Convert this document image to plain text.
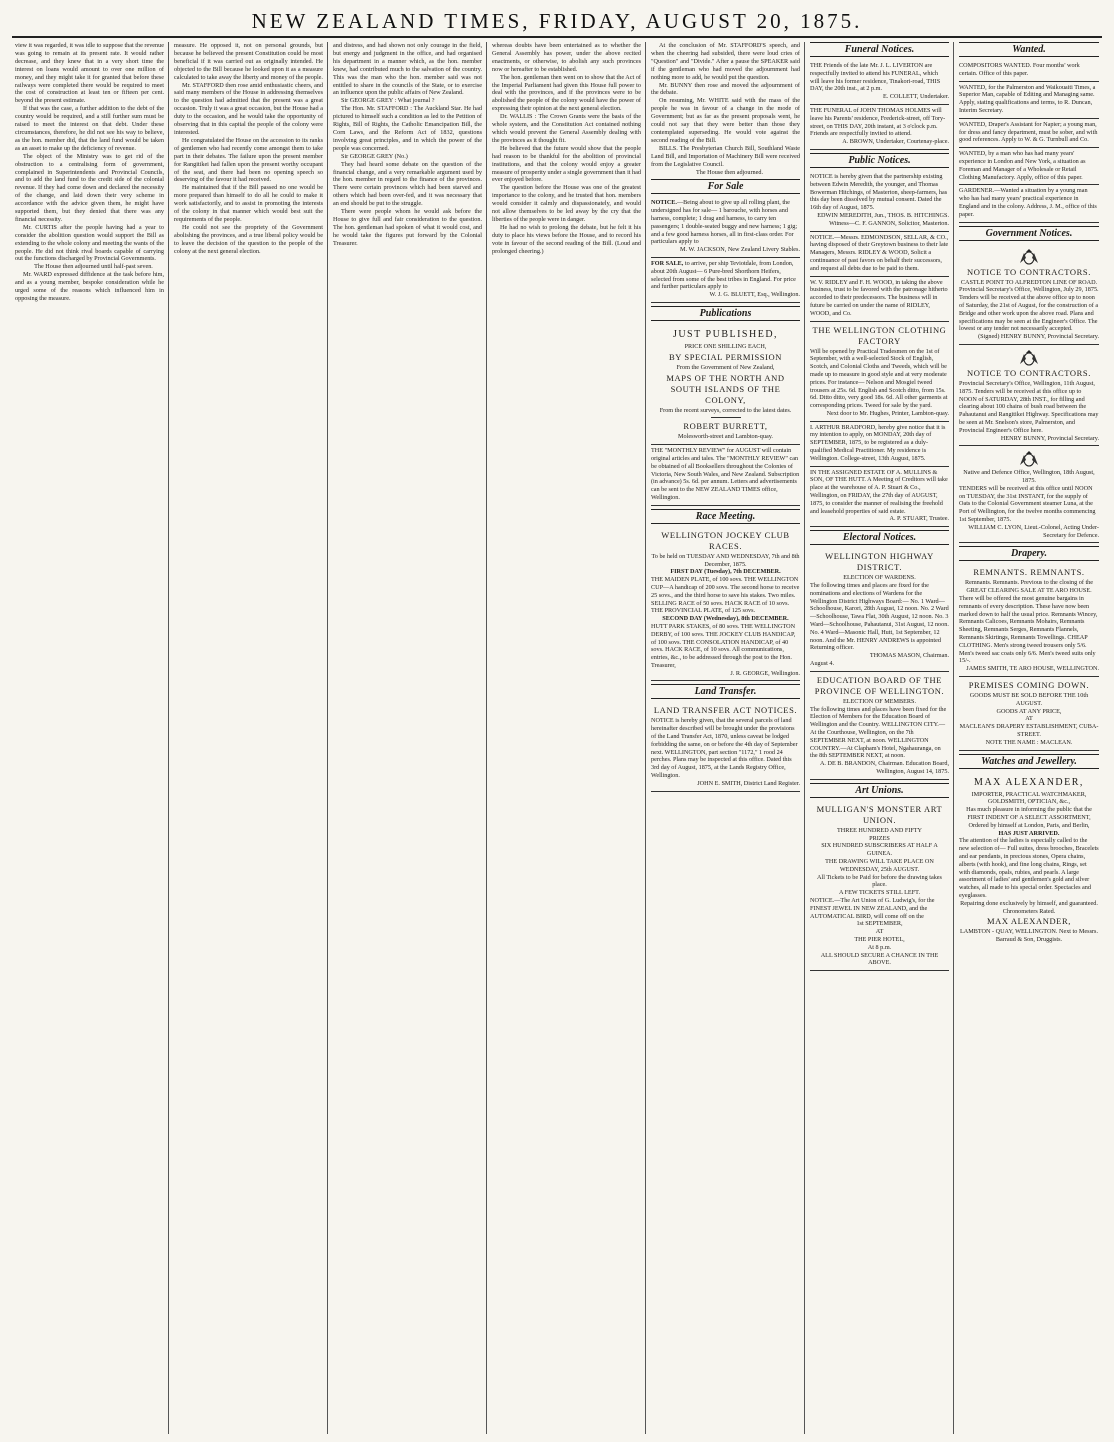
NEW ZEALAND TIMES, FRIDAY, AUGUST 20, 1875.

view it was regarded, it was idle to suppose that the revenue was going to remain at its present rate. It would rather decrease, and they knew that in a very short time the interest on loans would amount to over one million of money, and they might take it for granted that before these railways were completed there would be required to meet the cost of construction at least ten or fifteen per cent. beyond the present estimate.

If that was the case, a further addition to the debt of the country would be required, and a still further sum must be raised to meet the interest on that debt. Under these circumstances, therefore, he did not see his way to believe, as the hon. member did, that the land fund would be taken as an asset to make up the deficiency of revenue.

The object of the Ministry was to get rid of the obstruction to a centralising form of government, complained in Superintendents and Provincial Councils, and to add the land fund to the credit side of the colonial revenue. If they had come down and declared the necessity of the change, and laid down their very scheme in accordance with the advice given them, he might have supported them, but they denied that there was any financial necessity.

Mr. CURTIS after the people having had a year to consider the abolition question would support the Bill as extending to the whole colony and meeting the wants of the people. He did not think rival boards capable of carrying out the functions discharged by Provincial Governments.

The House then adjourned until half-past seven.

Mr. WARD expressed diffidence at the task before him, and as a young member, bespoke consideration while he urged some of the reasons which influenced him in opposing the measure.

measure. He opposed it, not on personal grounds, but because he believed the present Constitution could be most beneficial if it was carried out as originally intended. He objected to the Bill because he looked upon it as a measure calculated to take away the liberty and money of the people.

Mr. STAFFORD then rose amid enthusiastic cheers, and said many members of the House in addressing themselves to the question had admitted that the present was a great occasion. Truly it was a great occasion, but the House had a duty to the occasion, and he would take the opportunity of observing that in this capital the people of the colony were interested.

He congratulated the House on the accession to its ranks of gentlemen who had recently come amongst them to take part in their debates. The failure upon the present member for Rangitikei had fallen upon the present worthy occupant of the seat, and there had been no opening speech so deserving of the favour it had received.

He maintained that if the Bill passed no one would be more prepared than himself to do all he could to make it work satisfactorily, and to assist in promoting the interests of the colony in that manner which would best suit the requirements of the people.

He could not see the propriety of the Government abolishing the provinces, and a true liberal policy would be to leave the decision of the question to the people of the colony at the next general election.

and distress, and had shown not only courage in the field, but energy and judgment in the office, and had organised his department in a manner which, as the hon. member knew, had contributed much to the salvation of the country. This was the man who the hon. member said was not entitled to share in the councils of the State, or to exercise an influence upon the public affairs of New Zealand.

Sir GEORGE GREY : What journal ?

The Hon. Mr. STAFFORD : The Auckland Star. He had pictured to himself such a condition as led to the Petition of Rights, Bill of Rights, the Catholic Emancipation Bill, the Corn Laws, and the Reform Act of 1832, questions involving great principles, and in which the power of the people was concerned.

Sir GEORGE GREY (No.)

They had heard some debate on the question of the financial change, and a very remarkable argument used by the hon. member in regard to the finance of the provinces. There were certain provinces which had been starved and others which had been over-fed, and it was necessary that an end should be put to the struggle.

There were people whom he would ask before the House to give full and fair consideration to the question. The hon. gentleman had spoken of what it would cost, and he would take the figures put forward by the Colonial Treasurer.

whereas doubts have been entertained as to whether the General Assembly has power, under the above recited enactments, or otherwise, to abolish any such provinces now or hereafter to be established.

The hon. gentleman then went on to show that the Act of the Imperial Parliament had given this House full power to deal with the provinces, and if the provinces were to be abolished the people of the colony would have the power of expressing their opinion at the next general election.

Dr. WALLIS : The Crown Grants were the basis of the whole system, and the Constitution Act contained nothing which would prevent the General Assembly dealing with the provinces as it thought fit.

He believed that the future would show that the people had reason to be thankful for the abolition of provincial institutions, and that the colony would enjoy a greater measure of prosperity under a single government than it had ever enjoyed before.

The question before the House was one of the greatest importance to the colony, and he trusted that hon. members would consider it calmly and dispassionately, and would not allow themselves to be led away by the cry that the liberties of the people were in danger.

He had no wish to prolong the debate, but he felt it his duty to place his views before the House, and to record his vote in favour of the second reading of the Bill. (Loud and prolonged cheering.)

At the conclusion of Mr. STAFFORD'S speech, and when the cheering had subsided, there were loud cries of "Question" and "Divide." After a pause the SPEAKER said if the gentleman who had moved the adjournment had nothing more to add, he would put the question.

Mr. BUNNY then rose and moved the adjournment of the debate.

On resuming, Mr. WHITE said with the mass of the people he was in favour of a change in the mode of Government; but as far as the present proposals went, he could not say that they were better than those they contemplated superseding. He would vote against the second reading of the Bill.

BILLS. The Presbyterian Church Bill, Southland Waste Land Bill, and Importation of Machinery Bill were received from the Legislative Council.

The House then adjourned.

For Sale
NOTICE.—Being about to give up all rolling plant, the undersigned has for sale— 1 barouche, with horses and harness, complete; 1 drag and harness, to carry ten passengers; 1 double-seated buggy and new harness; 1 gig; and a few good harness horses, all in first-class order. For particulars apply to
M. W. JACKSON, New Zealand Livery Stables.
FOR SALE, to arrive, per ship Teviotdale, from London, about 20th August— 6 Pure-bred Shorthorn Heifers, selected from some of the best tribes in England. For price and further particulars apply to
W. J. G. BLUETT, Esq., Wellington.
Publications
JUST PUBLISHED,
PRICE ONE SHILLING EACH,
BY SPECIAL PERMISSION
From the Government of New Zealand,
MAPS OF THE NORTH AND SOUTH ISLANDS OF THE COLONY,
From the recent surveys, corrected to the latest dates.
ROBERT BURRETT,
Molesworth-street and Lambton-quay.
THE "MONTHLY REVIEW" for AUGUST will contain original articles and tales. The "MONTHLY REVIEW" can be obtained of all Booksellers throughout the Colonies of Victoria, New South Wales, and New Zealand. Subscription (in advance) 5s. 6d. per annum. Letters and advertisements can be sent to the NEW ZEALAND TIMES office, Wellington.
Race Meeting.
WELLINGTON JOCKEY CLUB RACES.
To be held on TUESDAY AND WEDNESDAY, 7th and 8th December, 1875.
FIRST DAY (Tuesday), 7th DECEMBER.
THE MAIDEN PLATE, of 100 sovs. THE WELLINGTON CUP—A handicap of 200 sovs. The second horse to receive 25 sovs., and the third horse to save his stakes. Two miles. SELLING RACE of 50 sovs. HACK RACE of 10 sovs. THE PROVINCIAL PLATE, of 125 sovs.
SECOND DAY (Wednesday), 8th DECEMBER.
HUTT PARK STAKES, of 80 sovs. THE WELLINGTON DERBY, of 100 sovs. THE JOCKEY CLUB HANDICAP, of 100 sovs. THE CONSOLATION HANDICAP, of 40 sovs. HACK RACE, of 10 sovs. All communications, entries, &c., to be addressed through the post to the Hon. Treasurer,
J. R. GEORGE, Wellington.
Land Transfer.
LAND TRANSFER ACT NOTICES.
NOTICE is hereby given, that the several parcels of land hereinafter described will be brought under the provisions of the Land Transfer Act, 1870, unless caveat be lodged forbidding the same, on or before the 4th day of September next. WELLINGTON, part section "1172," 1 rood 24 perches. Plans may be inspected at this office. Dated this 3rd day of August, 1875, at the Lands Registry Office, Wellington.
JOHN E. SMITH, District Land Register.
Funeral Notices.
THE Friends of the late Mr. J. L. LIVERTON are respectfully invited to attend his FUNERAL, which will leave his former residence, Tinakori-road, THIS DAY, the 20th inst., at 2 p.m.
E. COLLETT, Undertaker.
THE FUNERAL of JOHN THOMAS HOLMES will leave his Parents' residence, Frederick-street, off Tory-street, on THIS DAY, 20th instant, at 3 o'clock p.m. Friends are respectfully invited to attend.
A. BROWN, Undertaker, Courtenay-place.
Public Notices.
NOTICE is hereby given that the partnership existing between Edwin Meredith, the younger, and Thomas Bowerman Hitchings, of Masterton, sheep-farmers, has this day been dissolved by mutual consent. Dated the 16th day of August, 1875.
EDWIN MEREDITH, Jun., THOS. B. HITCHINGS. Witness—C. F. GANNON, Solicitor, Masterton.
NOTICE.—Messrs. EDMONDSON, SELLAR, & CO., having disposed of their Greytown business to their late Managers, Messrs. RIDLEY & WOOD, Solicit a continuance of past favors on behalf their successors, and request all debts due to be paid to them.
W. V. RIDLEY and F. H. WOOD, in taking the above business, trust to be favored with the patronage hitherto accorded to their predecessors. The business will in future be carried on under the name of RIDLEY, WOOD, and Co.
THE WELLINGTON CLOTHING FACTORY
Will be opened by Practical Tradesmen on the 1st of September, with a well-selected Stock of English, Scotch, and Colonial Cloths and Tweeds, which will be made up to measure in good style and at very moderate prices. For instance— Nelson and Mosgiel tweed trousers at 25s. 6d. English and Scotch ditto, from 15s. 6d. Ditto ditto, very good 18s. 6d. All other garments at corresponding prices. Tweed for sale by the yard.
Next door to Mr. Hughes, Printer, Lambton-quay.
I. ARTHUR BRADFORD, hereby give notice that it is my intention to apply, on MONDAY, 20th day of SEPTEMBER, 1875, to be registered as a duly-qualified Medical Practitioner. My residence is Wellington. College-street, 13th August, 1875.
IN THE ASSIGNED ESTATE OF A. MULLINS & SON, OF THE HUTT. A Meeting of Creditors will take place at the warehouse of A. P. Stuart & Co., Wellington, on FRIDAY, the 27th day of AUGUST, 1875, to consider the manner of realising the freehold and leasehold properties of said estate.
A. P. STUART, Trustee.
Electoral Notices.
WELLINGTON HIGHWAY DISTRICT.
ELECTION OF WARDENS.
The following times and places are fixed for the nominations and elections of Wardens for the Wellington District Highways Board:— No. 1 Ward—Schoolhouse, Karori, 28th August, 12 noon. No. 2 Ward—Schoolhouse, Tawa Flat, 30th August, 12 noon. No. 3 Ward—Schoolhouse, Pahautanui, 31st August, 12 noon. No. 4 Ward—Masonic Hall, Hutt, 1st September, 12 noon. And the Mr. HENRY ANDREWS is appointed Returning officer.
THOMAS MASON, Chairman.
August 4.
EDUCATION BOARD OF THE PROVINCE OF WELLINGTON.
ELECTION OF MEMBERS.
The following times and places have been fixed for the Election of Members for the Education Board of Wellington and the Country. WELLINGTON CITY.—At the Courthouse, Wellington, on the 7th SEPTEMBER NEXT, at noon. WELLINGTON COUNTRY.—At Clapham's Hotel, Ngahauranga, on the 8th SEPTEMBER NEXT, at noon.
A. DE B. BRANDON, Chairman. Education Board, Wellington, August 14, 1875.
Art Unions.
MULLIGAN'S MONSTER ART UNION.
THREE HUNDRED AND FIFTY
PRIZES
SIX HUNDRED SUBSCRIBERS AT HALF A GUINEA.
THE DRAWING WILL TAKE PLACE ON
WEDNESDAY, 25th AUGUST.
All Tickets to be Paid for before the drawing takes place.
A FEW TICKETS STILL LEFT.
NOTICE.—The Art Union of G. Ludwig's, for the FINEST JEWEL IN NEW ZEALAND, and the AUTOMATICAL BIRD, will come off on the
1st SEPTEMBER,
AT
THE PIER HOTEL,
At 8 p.m.
ALL SHOULD SECURE A CHANCE IN THE ABOVE.
Wanted.
COMPOSITORS WANTED. Four months' work certain. Office of this paper.
WANTED, for the Palmerston and Waikouaiti Times, a Superior Man, capable of Editing and Managing same. Apply, stating qualifications and terms, to R. Duncan, Interim Secretary.
WANTED, Draper's Assistant for Napier; a young man, for dress and fancy department, must be sober, and with good references. Apply to W. & G. Turnbull and Co.
WANTED, by a man who has had many years' experience in London and New York, a situation as Foreman and Manager of a Wholesale or Retail Clothing Manufactory. Apply, office of this paper.
GARDENER.—Wanted a situation by a young man who has had many years' practical experience in England and in the colony. Address, J. M., office of this paper.
Government Notices.
NOTICE TO CONTRACTORS.
CASTLE POINT TO ALFREDTON LINE OF ROAD.
Provincial Secretary's Office, Wellington, July 29, 1875. Tenders will be received at the above office up to noon of Saturday, the 21st of August, for the construction of a Bridge and other work upon the above road. Plans and specifications may be seen at the Engineer's Office. The lowest or any tender not necessarily accepted.
(Signed) HENRY BUNNY, Provincial Secretary.
NOTICE TO CONTRACTORS.
Provincial Secretary's Office, Wellington, 11th August, 1875. Tenders will be received at this office up to NOON of SATURDAY, 28th INST., for filling and clearing about 100 chains of bush road between the Pahautanui and Rangitikei Highway. Specifications may be seen at Mr. Snelson's store, Palmerston, and Provincial Engineer's Office here.
HENRY BUNNY, Provincial Secretary.
Native and Defence Office, Wellington, 18th August, 1875.
TENDERS will be received at this office until NOON on TUESDAY, the 31st INSTANT, for the supply of Oats to the Colonial Government steamer Luna, at the Port of Wellington, for the twelve months commencing 1st September, 1875.
WILLIAM C. LYON, Lieut.-Colonel, Acting Under-Secretary for Defence.
Drapery.
REMNANTS. REMNANTS.
Remnants. Remnants. Previous to the closing of the GREAT CLEARING SALE AT TE ARO HOUSE.
There will be offered the most genuine bargains in remnants of every description. These have now been marked down to half the usual price. Remnants Wincey, Remnants Calicoes, Remnants Mohairs, Remnants Sheeting, Remnants Serges, Remnants Flannels, Remnants Skirtings, Remnants Towellings. CHEAP CLOTHING. Men's strong tweed trousers only 5/6. Men's tweed sac coats only 6/6. Men's tweed suits only 15/-.
JAMES SMITH, TE ARO HOUSE, WELLINGTON.
PREMISES COMING DOWN.
GOODS MUST BE SOLD BEFORE THE 10th AUGUST.
GOODS AT ANY PRICE,
AT
MACLEAN'S DRAPERY ESTABLISHMENT, CUBA-STREET.
NOTE THE NAME : MACLEAN.
Watches and Jewellery.
MAX ALEXANDER,
IMPORTER, PRACTICAL WATCHMAKER, GOLDSMITH, OPTICIAN, &c.,
Has much pleasure in informing the public that the FIRST INDENT OF A SELECT ASSORTMENT,
Ordered by himself at London, Paris, and Berlin,
HAS JUST ARRIVED.
The attention of the ladies is especially called to the new selection of— Full suites, dress brooches, Bracelets and ear pendants, in precious stones, Opera chains, alberts (with hook), and fine long chains, Rings, set with diamonds, opals, rubies, and pearls. A large assortment of ladies' and gentlemen's gold and silver watches, all made to his special order. Spectacles and eyeglasses.
Repairing done exclusively by himself, and guaranteed.
Chronometers Rated.
MAX ALEXANDER,
LAMBTON - QUAY, WELLINGTON. Next to Messrs. Barraud & Son, Druggists.
